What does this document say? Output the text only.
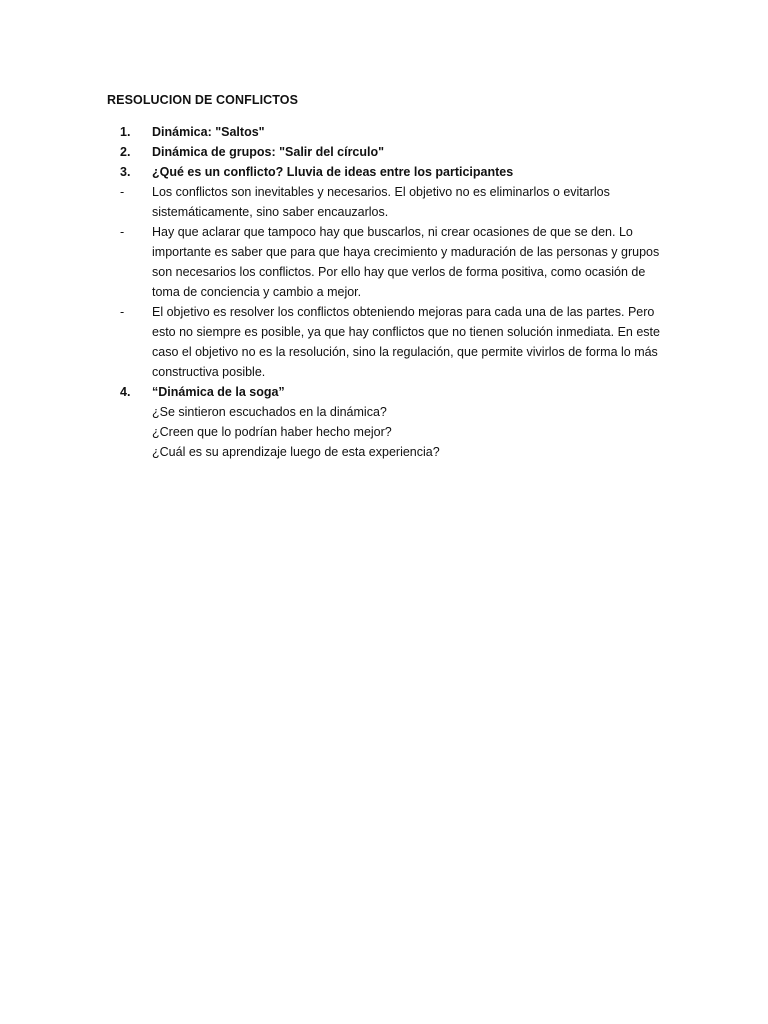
RESOLUCION DE CONFLICTOS
1.	Dinámica: "Saltos"
2.	Dinámica de grupos: "Salir del círculo"
3.	¿Qué es un conflicto? Lluvia de ideas entre los participantes
-	Los conflictos son inevitables y necesarios. El objetivo no es eliminarlos o evitarlos sistemáticamente, sino saber encauzarlos.
-	Hay que aclarar que tampoco hay que buscarlos, ni crear ocasiones de que se den. Lo importante es saber que para que haya crecimiento y maduración de las personas y grupos son necesarios los conflictos. Por ello hay que verlos de forma positiva, como ocasión de toma de conciencia y cambio a mejor.
-	El objetivo es resolver los conflictos obteniendo mejoras para cada una de las partes. Pero esto no siempre es posible, ya que hay conflictos que no tienen solución inmediata. En este caso el objetivo no es la resolución, sino la regulación, que permite vivirlos de forma lo más constructiva posible.
4.	“Dinámica de la soga”
¿Se sintieron escuchados en la dinámica?
¿Creen que lo podrían haber hecho mejor?
¿Cuál es su aprendizaje luego de esta experiencia?
